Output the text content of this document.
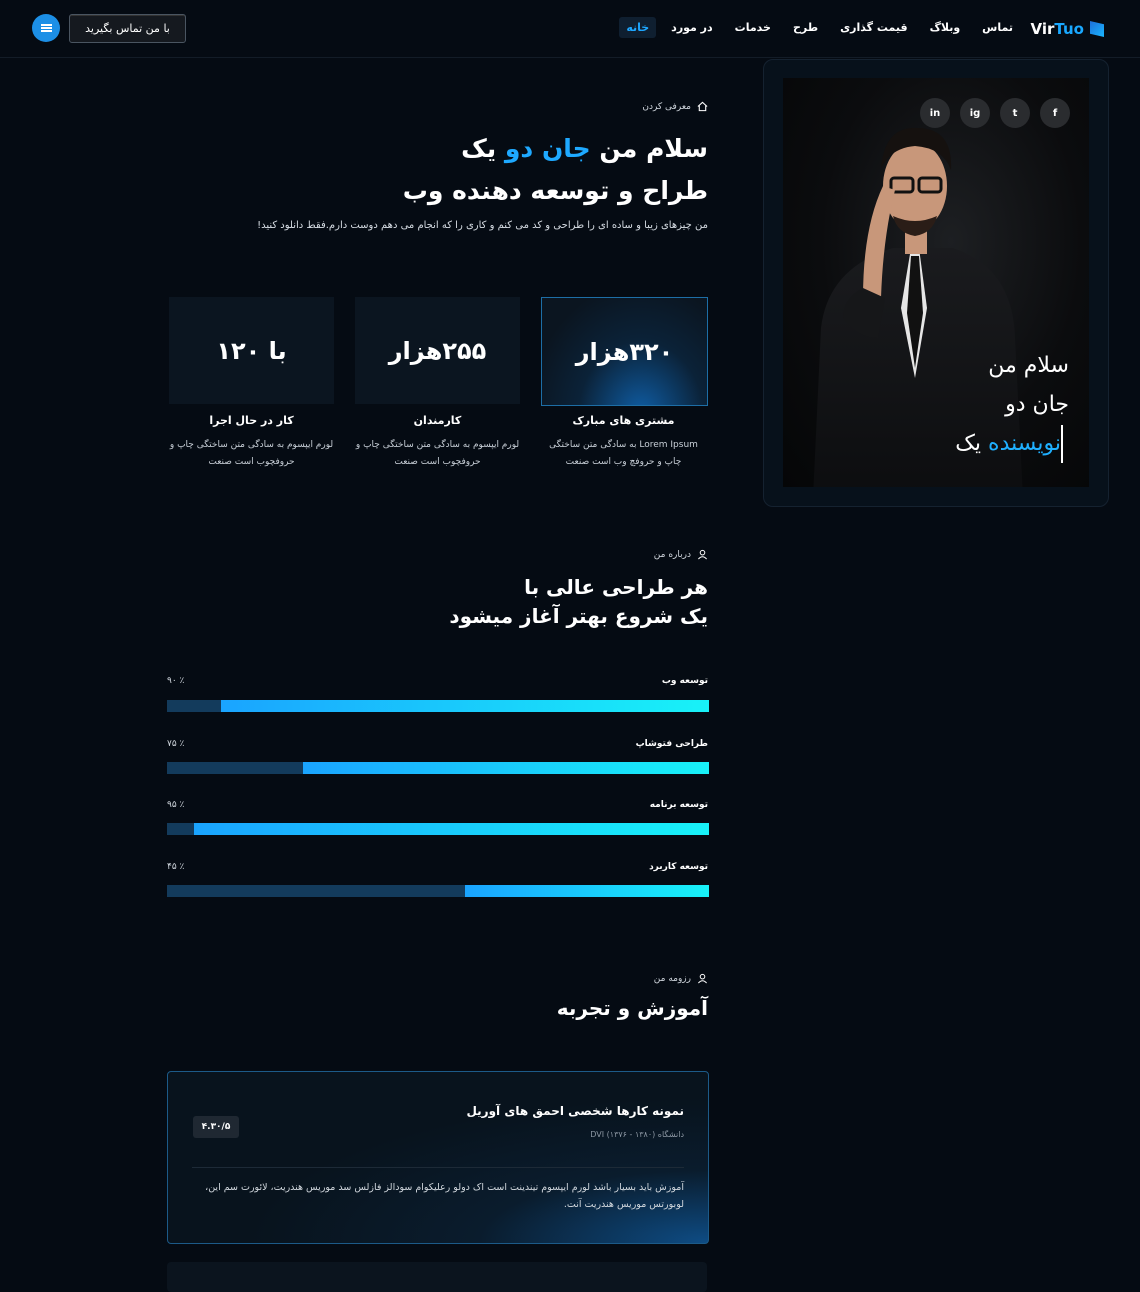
VirTuo
خانه	در مورد	خدمات	طرح	قیمت گذاری	وبلاگ	تماس
با من تماس بگیرید
f
t
ig
in
سلام من
جان دو
یک
نویسنده
معرفی کردن
سلام من جان دو یک
طراح و توسعه دهنده وب
من چیزهای زیبا و ساده ای را طراحی و کد می کنم و کاری را که انجام می دهم دوست دارم.فقط دانلود کنید!
۳۲۰هزار
مشتری های مبارک
Lorem Ipsum به سادگی متن ساختگی چاپ و حروفچ وب است صنعت
۲۵۵هزار
کارمندان
لورم ایپسوم به سادگی متن ساختگی چاپ و حروفچوب است صنعت
با ۱۲۰
کار در حال اجرا
لورم ایپسوم به سادگی متن ساختگی چاپ و حروفچوب است صنعت
درباره من
هر طراحی عالی با
یک شروع بهتر آغاز میشود
توسعه وب
٪ ۹۰
طراحی فتوشاپ
٪ ۷۵
توسعه برنامه
٪ ۹۵
توسعه کاربرد
٪ ۴۵
رزومه من
آموزش و تجربه
نمونه کارها شخصی احمق های آوریل
دانشگاه (۱۳۸۰ - ۱۳۷۶) DVI
۴.۳۰/۵
آموزش باید بسیار باشد لورم ایپسوم تیندینت است اک دولو رعلیکوام سودالز فازلس سد موریس هندریت، لائورت سم این، لوبورتس موریس هندریت آنت.
